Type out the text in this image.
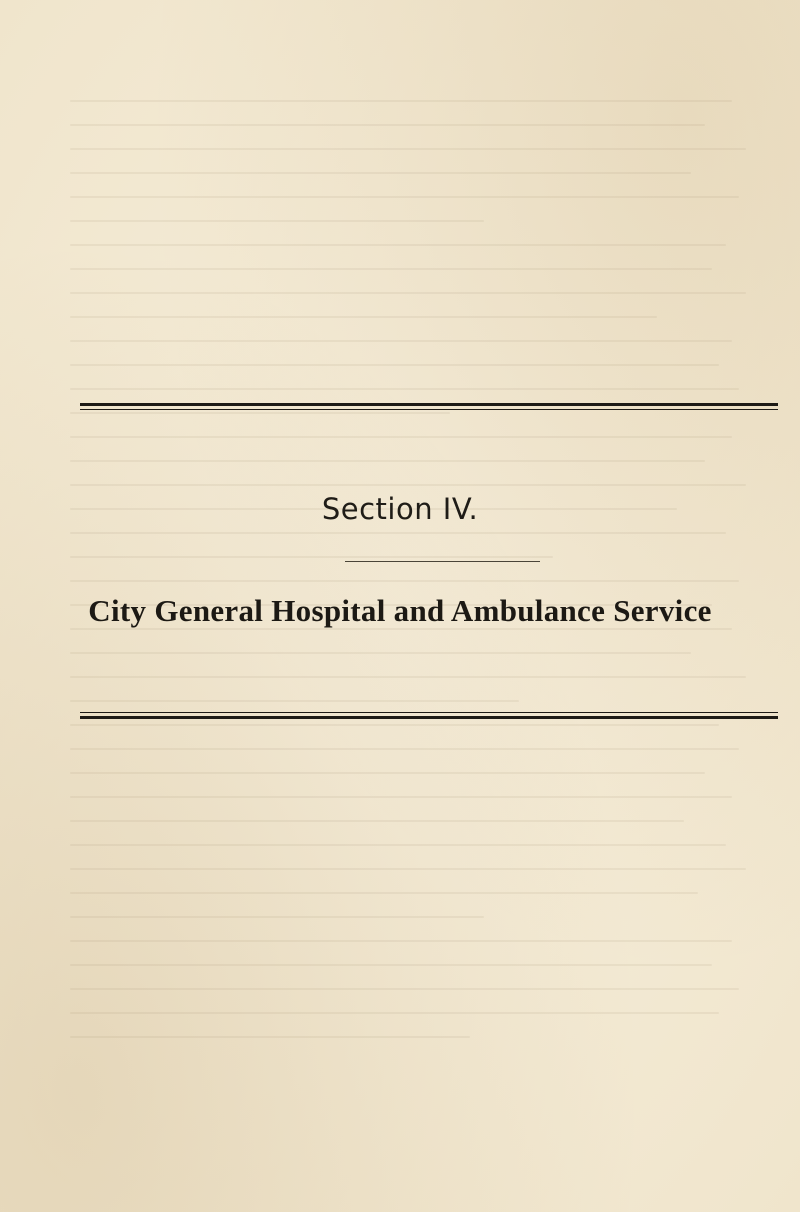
Section IV.
City General Hospital and Ambulance Service
